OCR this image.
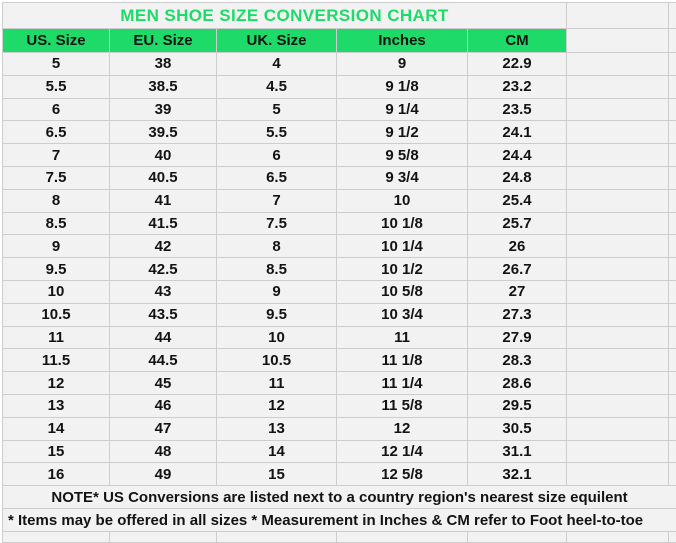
MEN SHOE SIZE CONVERSION CHART
US. Size	EU. Size	UK. Size	Inches	CM
5	38	4	9	22.9
5.5	38.5	4.5	9 1/8	23.2
6	39	5	9 1/4	23.5
6.5	39.5	5.5	9 1/2	24.1
7	40	6	9 5/8	24.4
7.5	40.5	6.5	9 3/4	24.8
8	41	7	10	25.4
8.5	41.5	7.5	10 1/8	25.7
9	42	8	10 1/4	26
9.5	42.5	8.5	10 1/2	26.7
10	43	9	10 5/8	27
10.5	43.5	9.5	10 3/4	27.3
11	44	10	11	27.9
11.5	44.5	10.5	11 1/8	28.3
12	45	11	11 1/4	28.6
13	46	12	11 5/8	29.5
14	47	13	12	30.5
15	48	14	12 1/4	31.1
16	49	15	12 5/8	32.1
NOTE* US Conversions are listed next to a country region's nearest size equilent
* Items may be offered in all sizes * Measurement in Inches & CM refer to Foot heel-to-toe
